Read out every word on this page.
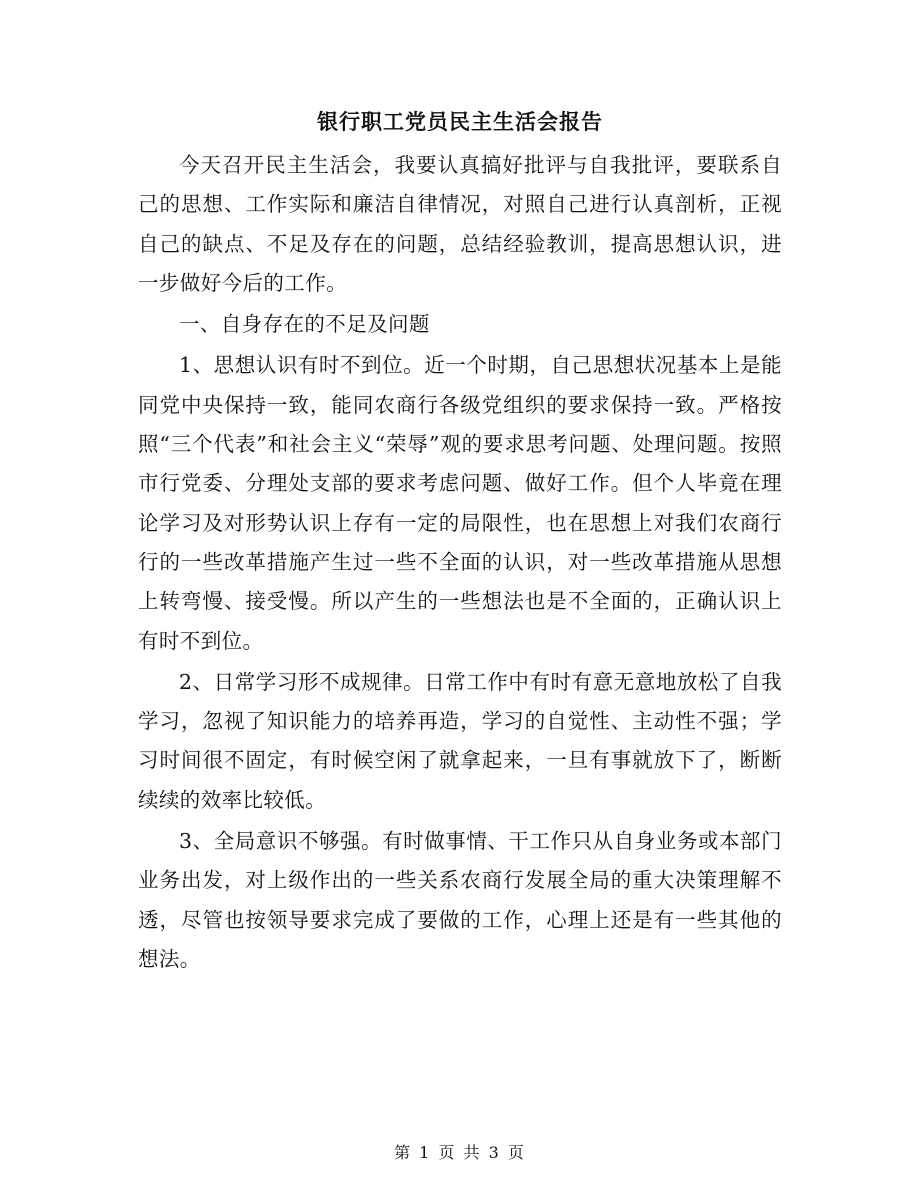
银行职工党员民主生活会报告

今天召开民主生活会，我要认真搞好批评与自我批评，要联系自己的思想、工作实际和廉洁自律情况，对照自己进行认真剖析，正视自己的缺点、不足及存在的问题，总结经验教训，提高思想认识，进一步做好今后的工作。

一、自身存在的不足及问题

1、思想认识有时不到位。近一个时期，自己思想状况基本上是能同党中央保持一致，能同农商行各级党组织的要求保持一致。严格按照“三个代表”和社会主义“荣辱”观的要求思考问题、处理问题。按照市行党委、分理处支部的要求考虑问题、做好工作。但个人毕竟在理论学习及对形势认识上存有一定的局限性，也在思想上对我们农商行行的一些改革措施产生过一些不全面的认识，对一些改革措施从思想上转弯慢、接受慢。所以产生的一些想法也是不全面的，正确认识上有时不到位。

2、日常学习形不成规律。日常工作中有时有意无意地放松了自我学习，忽视了知识能力的培养再造，学习的自觉性、主动性不强；学习时间很不固定，有时候空闲了就拿起来，一旦有事就放下了，断断续续的效率比较低。

3、全局意识不够强。有时做事情、干工作只从自身业务或本部门业务出发，对上级作出的一些关系农商行发展全局的重大决策理解不透，尽管也按领导要求完成了要做的工作，心理上还是有一些其他的想法。

第 1 页 共 3 页
